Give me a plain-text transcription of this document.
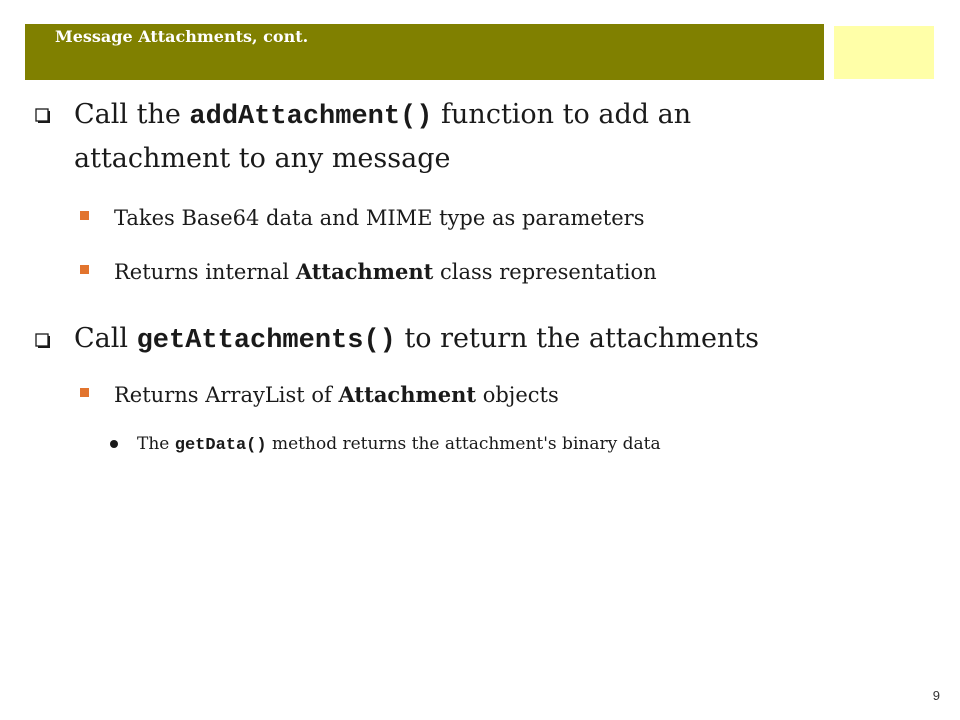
Message Attachments, cont.
Call the addAttachment() function to add an
attachment to any message
Takes Base64 data and MIME type as parameters
Returns internal Attachment class representation
Call getAttachments() to return the attachments
Returns ArrayList of Attachment objects
The getData() method returns the attachment's binary data
9
